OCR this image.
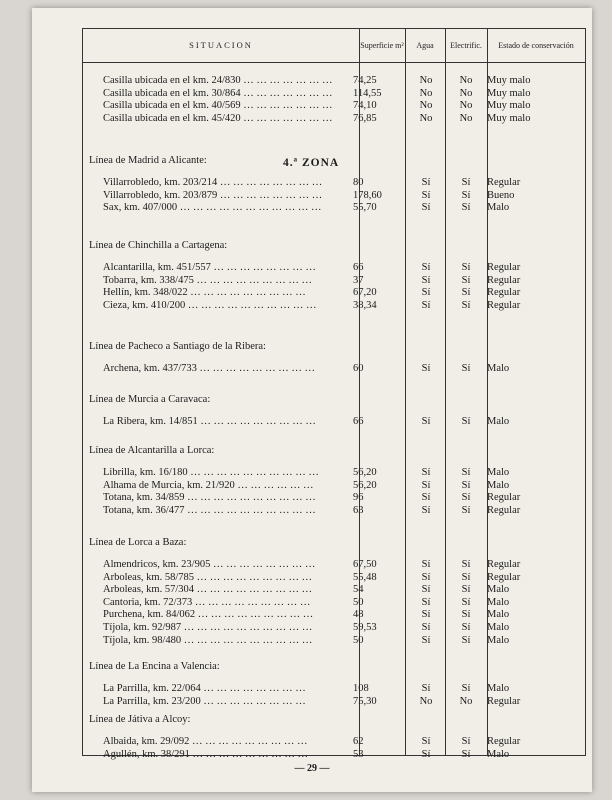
SITUACION	Superficie m²	Agua	Electrific.	Estado de conservación
Casilla ubicada en el km. 24/830 … … … … … … … 74,25	No	No	Muy malo
Casilla ubicada en el km. 30/864 … … … … … … … 114,55	No	No	Muy malo
Casilla ubicada en el km. 40/569 … … … … … … … 74,10	No	No	Muy malo
Casilla ubicada en el km. 45/420 … … … … … … … 76,85	No	No	Muy malo
Línea de Madrid a Alicante:
Villarrobledo, km. 203/214 … … … … … … … …	80	Sí	Sí	Regular
Villarrobledo, km. 203/879 … … … … … … … …	178,60	Sí	Sí	Bueno
Sax, km. 407/000 … … … … … … … … … … …	55,70	Sí	Sí	Malo
Línea de Chinchilla a Cartagena:
Alcantarilla, km. 451/557 … … … … … … … …	66	Sí	Sí	Regular
Tobarra, km. 338/475 … … … … … … … … …	37	Sí	Sí	Regular
Hellín, km. 348/022 … … … … … … … … …	67,20	Sí	Sí	Regular
Cieza, km. 410/200 … … … … … … … … … …	38,34	Sí	Sí	Regular
Línea de Pacheco a Santiago de la Ribera:
Archena, km. 437/733 … … … … … … … … …	60	Sí	Sí	Malo
Línea de Murcia a Caravaca:
La Ribera, km. 14/851 … … … … … … … … …	66	Sí	Sí	Malo
Línea de Alcantarilla a Lorca:
Librilla, km. 16/180 … … … … … … … … … …	56,20	Sí	Sí	Malo
Alhama de Murcia, km. 21/920 … … … … … …	56,20	Sí	Sí	Malo
Totana, km. 34/859 … … … … … … … … … …	96	Sí	Sí	Regular
Totana, km. 36/477 … … … … … … … … … …	63	Sí	Sí	Regular
Línea de Lorca a Baza:
Almendricos, km. 23/905 … … … … … … … …	67,50	Sí	Sí	Regular
Arboleas, km. 58/785 … … … … … … … … …	55,48	Sí	Sí	Regular
Arboleas, km. 57/304 … … … … … … … … …	54	Sí	Sí	Malo
Cantoria, km. 72/373 … … … … … … … … …	50	Sí	Sí	Malo
Purchena, km. 84/062 … … … … … … … … …	48	Sí	Sí	Malo
Tíjola, km. 92/987 … … … … … … … … … …	59,53	Sí	Sí	Malo
Tíjola, km. 98/480 … … … … … … … … … …	50	Sí	Sí	Malo
Línea de La Encina a Valencia:
La Parrilla, km. 22/064 … … … … … … … …	108	Sí	Sí	Malo
La Parrilla, km. 23/200 … … … … … … … …	75,30	No	No	Regular
Línea de Játiva a Alcoy:
Albaida, km. 29/092 … … … … … … … … …	62	Sí	Sí	Regular
Agullén, km. 38/291 … … … … … … … … …	53	Sí	Sí	Malo
4.ª ZONA
— 29 —
